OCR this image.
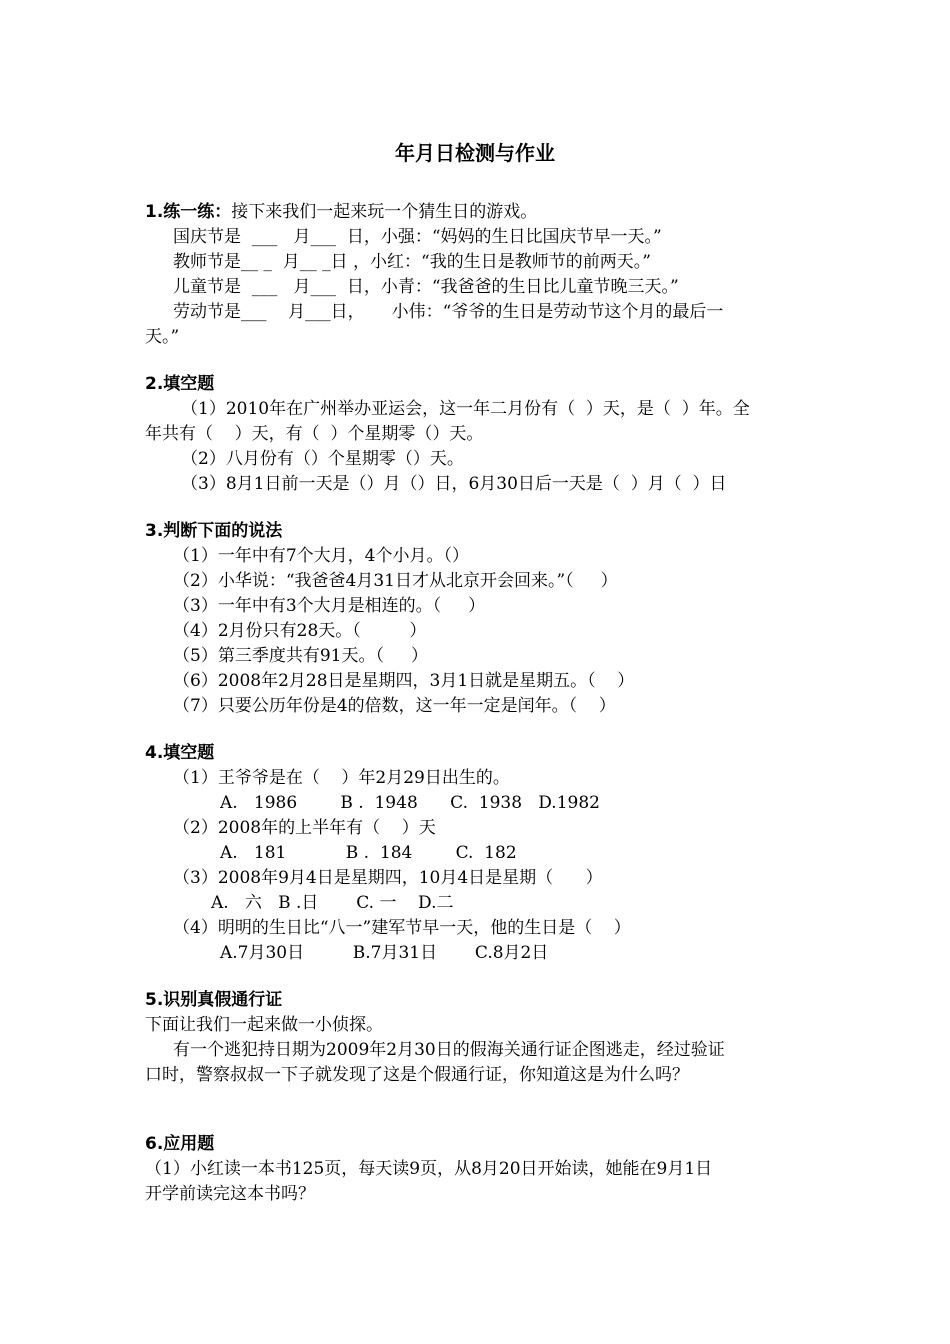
年月日检测与作业
1.练一练：接下来我们一起来玩一个猜生日的游戏。
国庆节是  ___   月___  日，小强：“妈妈的生日比国庆节早一天。”
教师节是__ _  月__ _日 ，小红：“我的生日是教师节的前两天。”
儿童节是  ___   月___  日，小青：“我爸爸的生日比儿童节晚三天。”
劳动节是___    月___日，     小伟：“爷爷的生日是劳动节这个月的最后一
天。”
2.填空题
（1）2010年在广州举办亚运会，这一年二月份有（  ）天，是（  ）年。全
年共有（    ）天，有（  ）个星期零（）天。
（2）八月份有（）个星期零（）天。
（3）8月1日前一天是（）月（）日，6月30日后一天是（  ）月（  ）日
3.判断下面的说法
（1）一年中有7个大月，4个小月。（）
（2）小华说：“我爸爸4月31日才从北京开会回来。”（     ）
（3）一年中有3个大月是相连的。（     ）
（4）2月份只有28天。（         ）
（5）第三季度共有91天。（     ）
（6）2008年2月28日是星期四，3月1日就是星期五。（    ）
（7）只要公历年份是4的倍数，这一年一定是闰年。（    ）
4.填空题
（1）王爷爷是在（    ）年2月29日出生的。
A.   1986        B .  1948      C.  1938   D.1982
（2）2008年的上半年有（    ）天
A.   181           B .  184        C.  182
（3）2008年9月4日是星期四，10月4日是星期（      ）
A.   六   B .日       C. 一    D.二
（4）明明的生日比“八一”建军节早一天，他的生日是（    ）
A.7月30日         B.7月31日       C.8月2日
5.识别真假通行证
下面让我们一起来做一小侦探。
有一个逃犯持日期为2009年2月30日的假海关通行证企图逃走，经过验证
口时，警察叔叔一下子就发现了这是个假通行证，你知道这是为什么吗？
6.应用题
（1）小红读一本书125页，每天读9页，从8月20日开始读，她能在9月1日
开学前读完这本书吗？
